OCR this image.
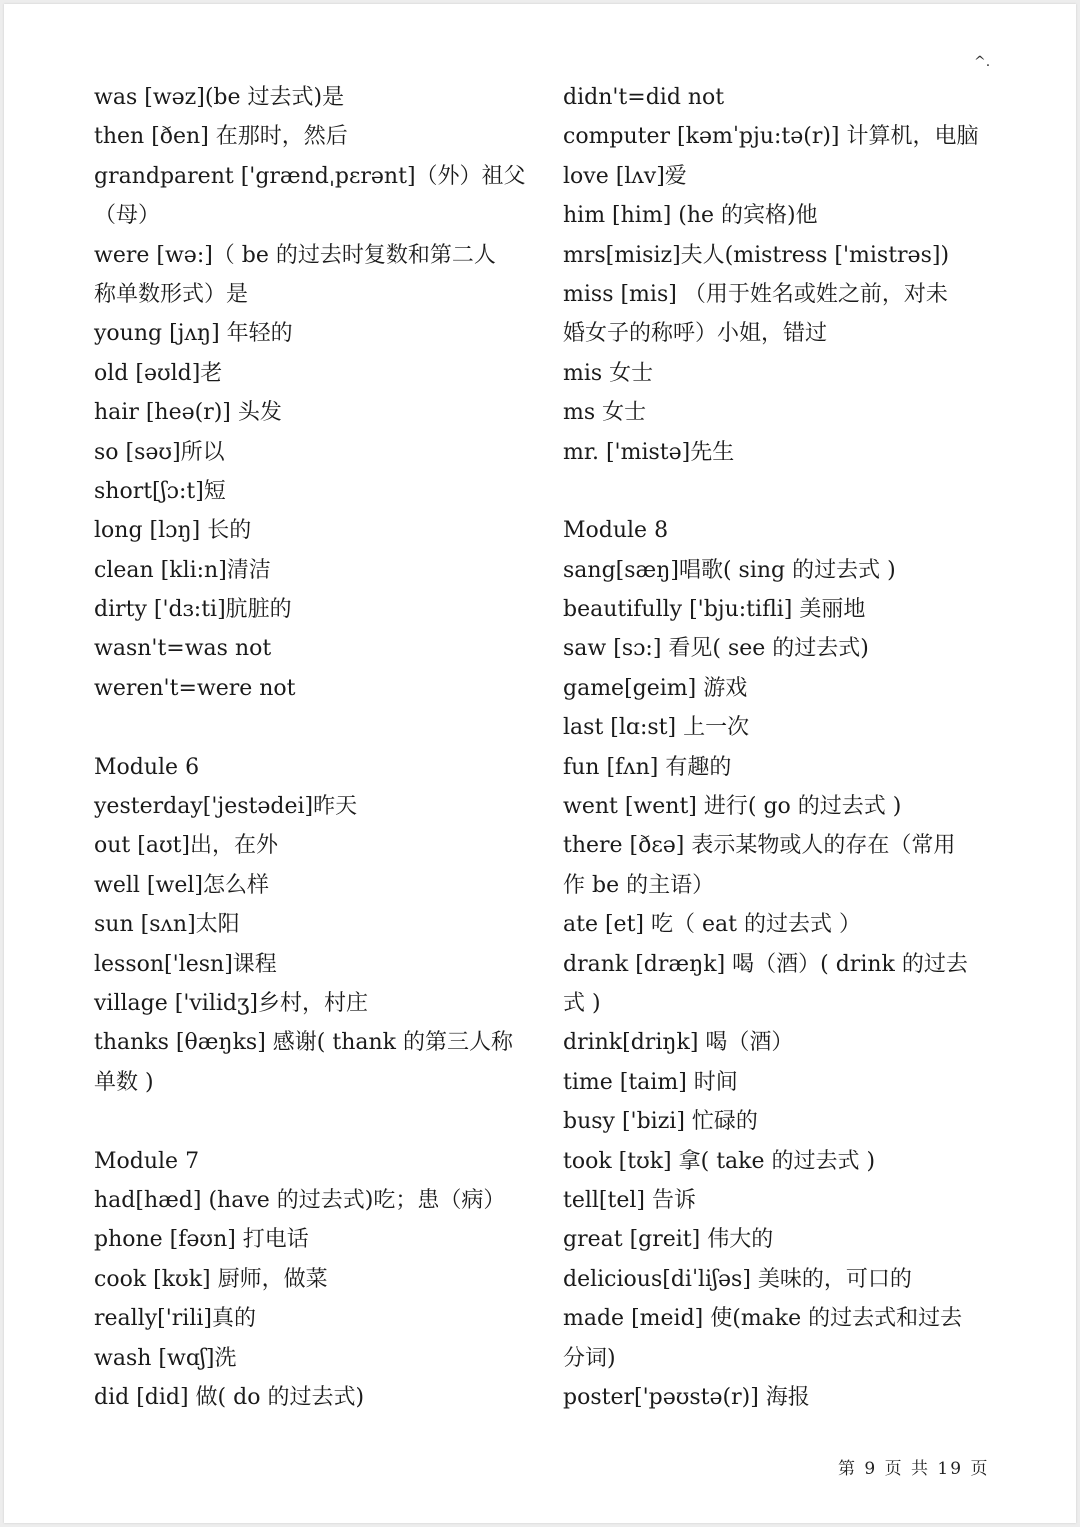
^.
was [wəz](be 过去式)是
then [ðen] 在那时，然后
grandparent ['grændˌpɛrənt]（外）祖父
（母）
were [wə:]（ be 的过去时复数和第二人
称单数形式）是
young [jʌŋ] 年轻的
old [əʊld]老
hair [heə(r)] 头发
so [səʊ]所以
short[ʃɔ:t]短
long [lɔŋ] 长的
clean [kli:n]清洁
dirty ['dɜ:ti]肮脏的
wasn't=was not
weren't=were not
Module 6
yesterday['jestədei]昨天
out [aʊt]出，在外
well [wel]怎么样
sun [sʌn]太阳
lesson['lesn]课程
village ['vilidʒ]乡村，村庄
thanks [θæŋks] 感谢( thank 的第三人称
单数 )
Module 7
had[hæd] (have 的过去式)吃；患（病）
phone [fəʊn] 打电话
cook [kʊk] 厨师，做菜
really['rili]真的
wash [wɑʃ]洗
did [did] 做( do 的过去式)
didn't=did not
computer [kəmˈpju:tə(r)] 计算机，电脑
love [lʌv]爱
him [him] (he 的宾格)他
mrs[misiz]夫人(mistress ['mistrəs])
miss [mis] （用于姓名或姓之前，对未
婚女子的称呼）小姐，错过
mis 女士
ms 女士
mr. ['mistə]先生
Module 8
sang[sæŋ]唱歌( sing 的过去式 )
beautifully ['bju:tifli] 美丽地
saw [sɔ:] 看见( see 的过去式)
game[geim] 游戏
last [lɑ:st] 上一次
fun [fʌn] 有趣的
went [went] 进行( go 的过去式 )
there [ðɛə] 表示某物或人的存在（常用
作 be 的主语）
ate [et] 吃（ eat 的过去式 ）
drank [dræŋk] 喝（酒）( drink 的过去
式 )
drink[driŋk] 喝（酒）
time [taim] 时间
busy ['bizi] 忙碌的
took [tʊk] 拿( take 的过去式 )
tell[tel] 告诉
great [greit] 伟大的
delicious[diˈliʃəs] 美味的，可口的
made [meid] 使(make 的过去式和过去
分词)
poster['pəʊstə(r)] 海报
第 9 页 共 19 页
